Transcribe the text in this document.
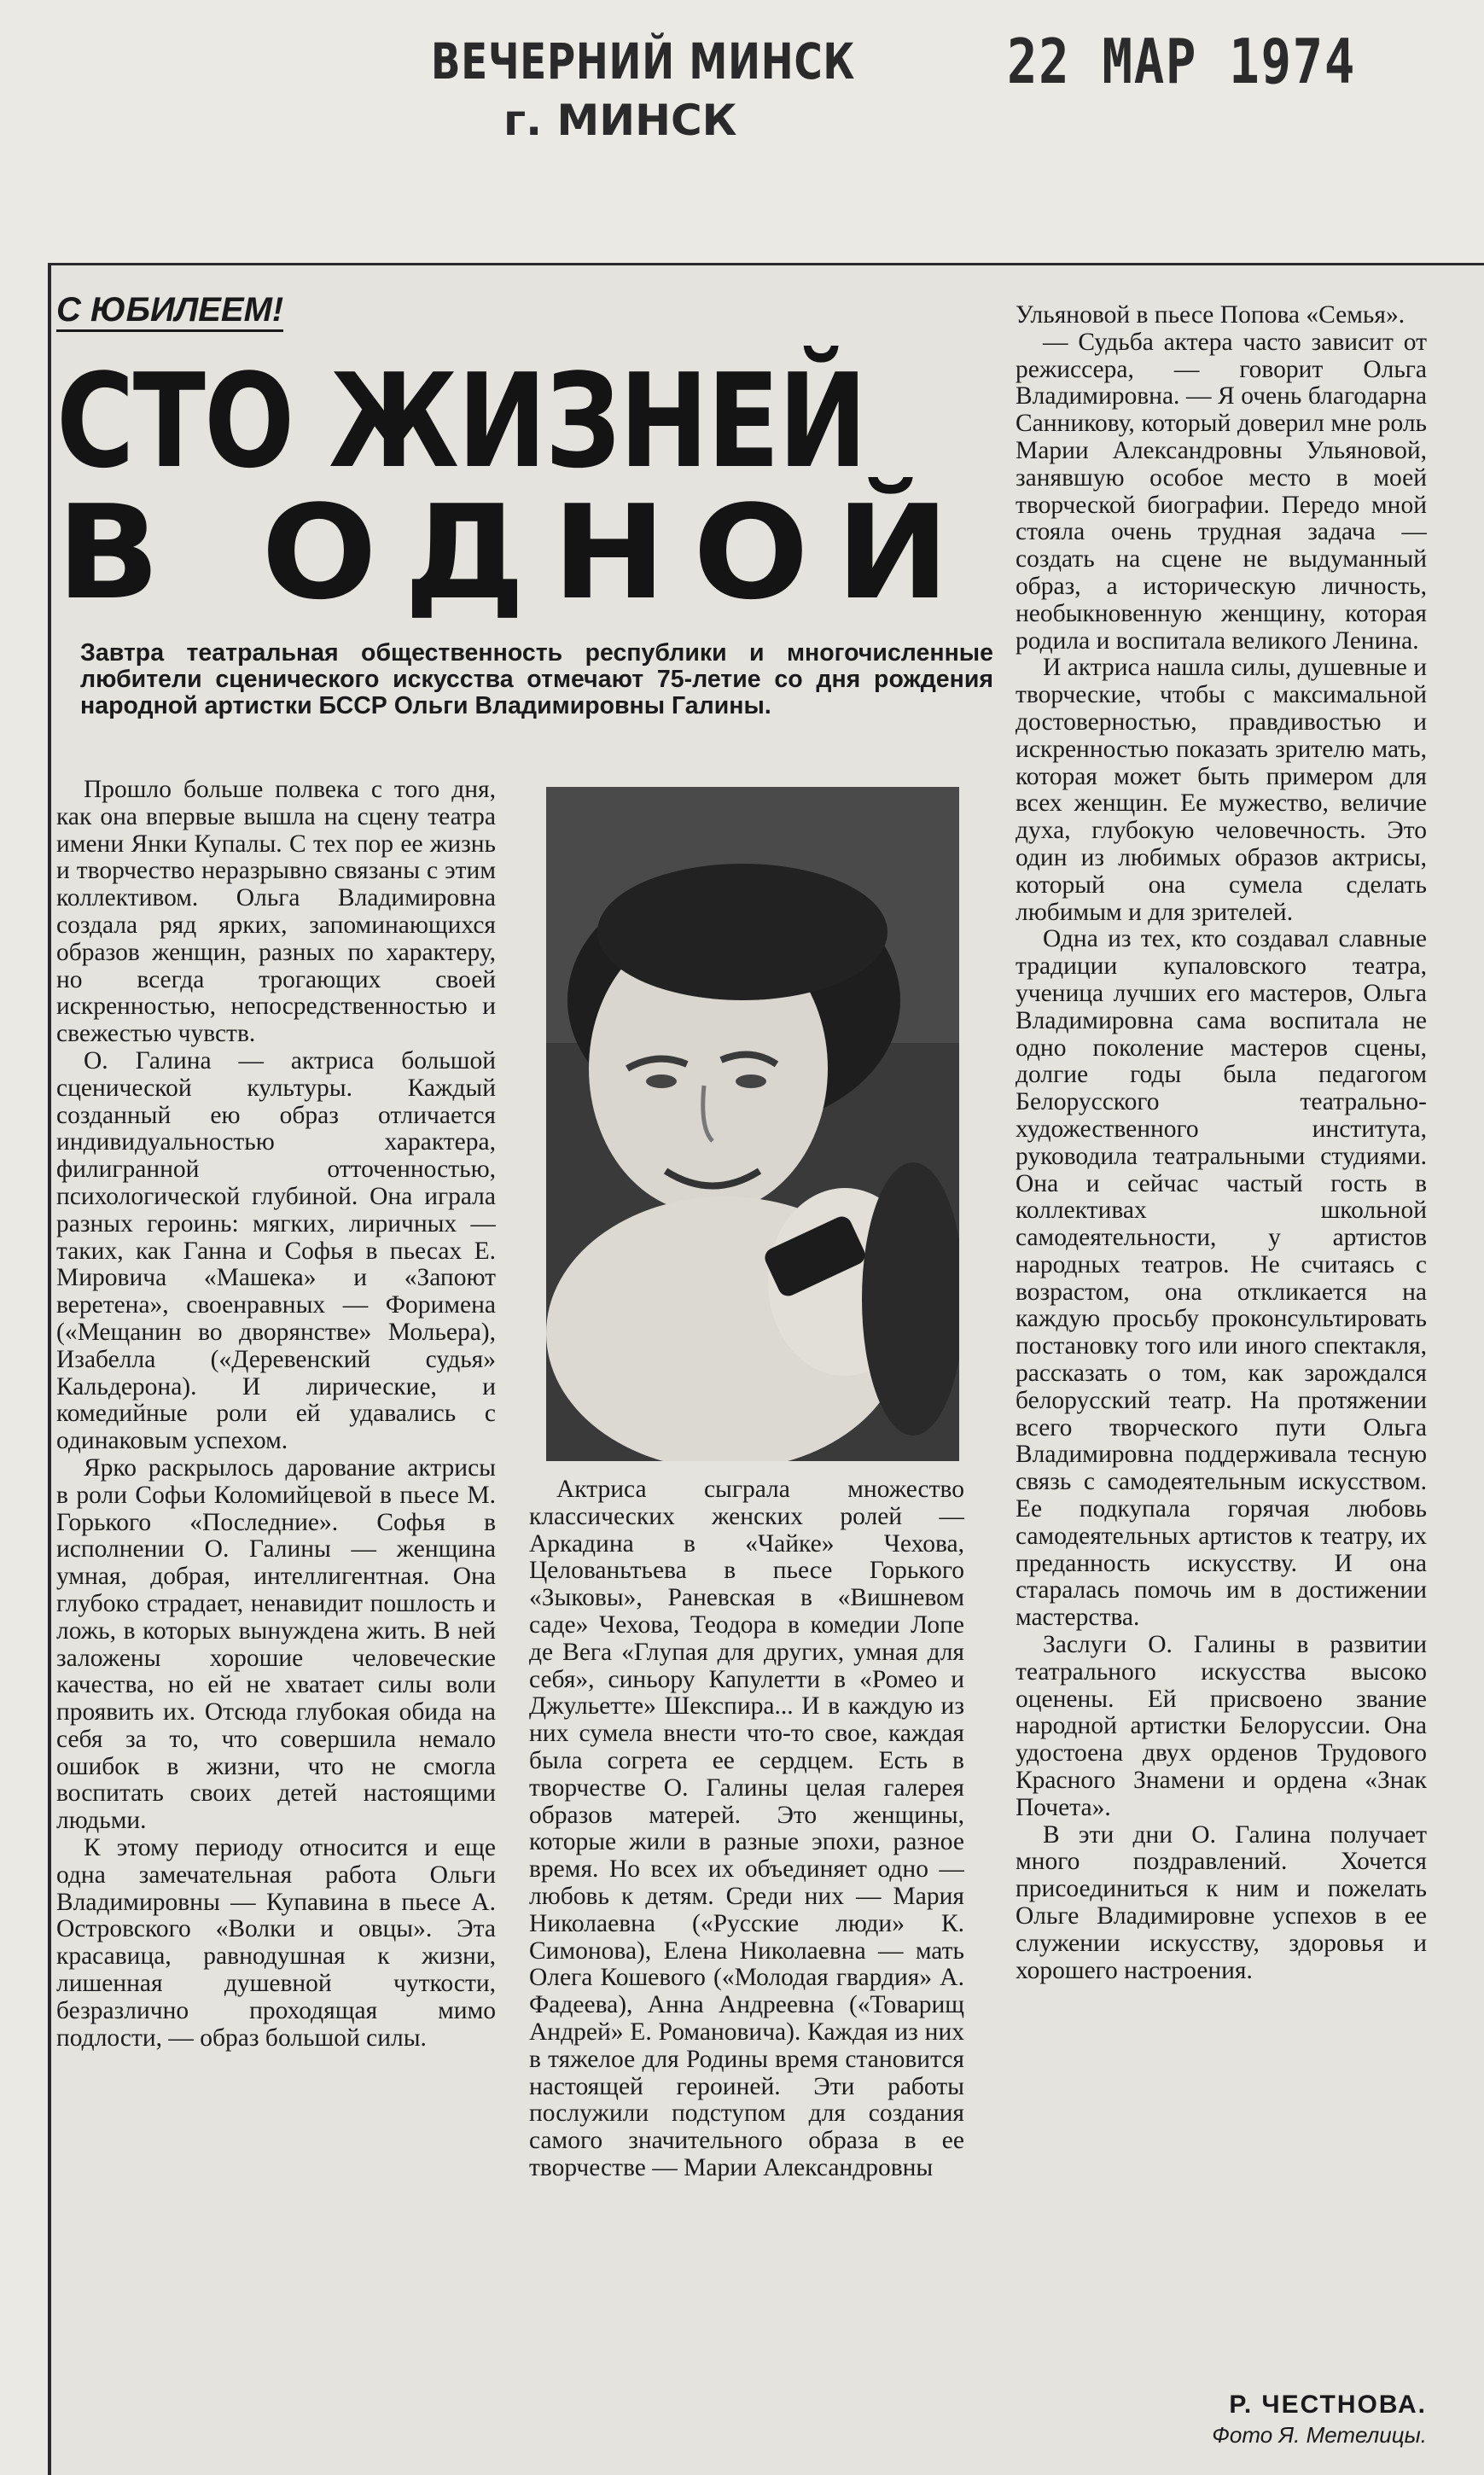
ВЕЧЕРНИЙ МИНСК
г. МИНСК
22 МАР 1974
С ЮБИЛЕЕМ!
СТО ЖИЗНЕЙ
В ОДНОЙ
Завтра театральная общественность республики и многочисленные любители сценического искусства отмечают 75-летие со дня рождения народной артистки БССР Ольги Владимировны Галины.

Прошло больше полвека с того дня, как она впервые вышла на сцену театра имени Янки Купалы. С тех пор ее жизнь и творчество неразрывно связаны с этим коллективом. Ольга Владимировна создала ряд ярких, запоминающихся образов женщин, разных по характеру, но всегда трогающих своей искренностью, непосредственностью и свежестью чувств.

О. Галина — актриса большой сценической культуры. Каждый созданный ею образ отличается индивидуальностью характера, филигранной отточенностью, психологической глубиной. Она играла разных героинь: мягких, лиричных — таких, как Ганна и Софья в пьесах Е. Мировича «Машека» и «Запоют веретена», своенравных — Форимена («Мещанин во дворянстве» Мольера), Изабелла («Деревенский судья» Кальдерона). И лирические, и комедийные роли ей удавались с одинаковым успехом.

Ярко раскрылось дарование актрисы в роли Софьи Коломийцевой в пьесе М. Горького «Последние». Софья в исполнении О. Галины — женщина умная, добрая, интеллигентная. Она глубоко страдает, ненавидит пошлость и ложь, в которых вынуждена жить. В ней заложены хорошие человеческие качества, но ей не хватает силы воли проявить их. Отсюда глубокая обида на себя за то, что совершила немало ошибок в жизни, что не смогла воспитать своих детей настоящими людьми.

К этому периоду относится и еще одна замечательная работа Ольги Владимировны — Купавина в пьесе А. Островского «Волки и овцы». Эта красавица, равнодушная к жизни, лишенная душевной чуткости, безразлично проходящая мимо подлости, — образ большой силы.

Актриса сыграла множество классических женских ролей — Аркадина в «Чайке» Чехова, Целованьтьева в пьесе Горького «Зыковы», Раневская в «Вишневом саде» Чехова, Теодора в комедии Лопе де Вега «Глупая для других, умная для себя», синьору Капулетти в «Ромео и Джульетте» Шекспира... И в каждую из них сумела внести что-то свое, каждая была согрета ее сердцем. Есть в творчестве О. Галины целая галерея образов матерей. Это женщины, которые жили в разные эпохи, разное время. Но всех их объединяет одно — любовь к детям. Среди них — Мария Николаевна («Русские люди» К. Симонова), Елена Николаевна — мать Олега Кошевого («Молодая гвардия» А. Фадеева), Анна Андреевна («Товарищ Андрей» Е. Романовича). Каждая из них в тяжелое для Родины время становится настоящей героиней. Эти работы послужили подступом для создания самого значительного образа в ее творчестве — Марии Александровны

Ульяновой в пьесе Попова «Семья».

— Судьба актера часто зависит от режиссера, — говорит Ольга Владимировна. — Я очень благодарна Санникову, который доверил мне роль Марии Александровны Ульяновой, занявшую особое место в моей творческой биографии. Передо мной стояла очень трудная задача — создать на сцене не выдуманный образ, а историческую личность, необыкновенную женщину, которая родила и воспитала великого Ленина.

И актриса нашла силы, душевные и творческие, чтобы с максимальной достоверностью, правдивостью и искренностью показать зрителю мать, которая может быть примером для всех женщин. Ее мужество, величие духа, глубокую человечность. Это один из любимых образов актрисы, который она сумела сделать любимым и для зрителей.

Одна из тех, кто создавал славные традиции купаловского театра, ученица лучших его мастеров, Ольга Владимировна сама воспитала не одно поколение мастеров сцены, долгие годы была педагогом Белорусского театрально-художественного института, руководила театральными студиями. Она и сейчас частый гость в коллективах школьной самодеятельности, у артистов народных театров. Не считаясь с возрастом, она откликается на каждую просьбу проконсультировать постановку того или иного спектакля, рассказать о том, как зарождался белорусский театр. На протяжении всего творческого пути Ольга Владимировна поддерживала тесную связь с самодеятельным искусством. Ее подкупала горячая любовь самодеятельных артистов к театру, их преданность искусству. И она старалась помочь им в достижении мастерства.

Заслуги О. Галины в развитии театрального искусства высоко оценены. Ей присвоено звание народной артистки Белоруссии. Она удостоена двух орденов Трудового Красного Знамени и ордена «Знак Почета».

В эти дни О. Галина получает много поздравлений. Хочется присоединиться к ним и пожелать Ольге Владимировне успехов в ее служении искусству, здоровья и хорошего настроения.

Р. ЧЕСТНОВА.
Фото Я. Метелицы.
